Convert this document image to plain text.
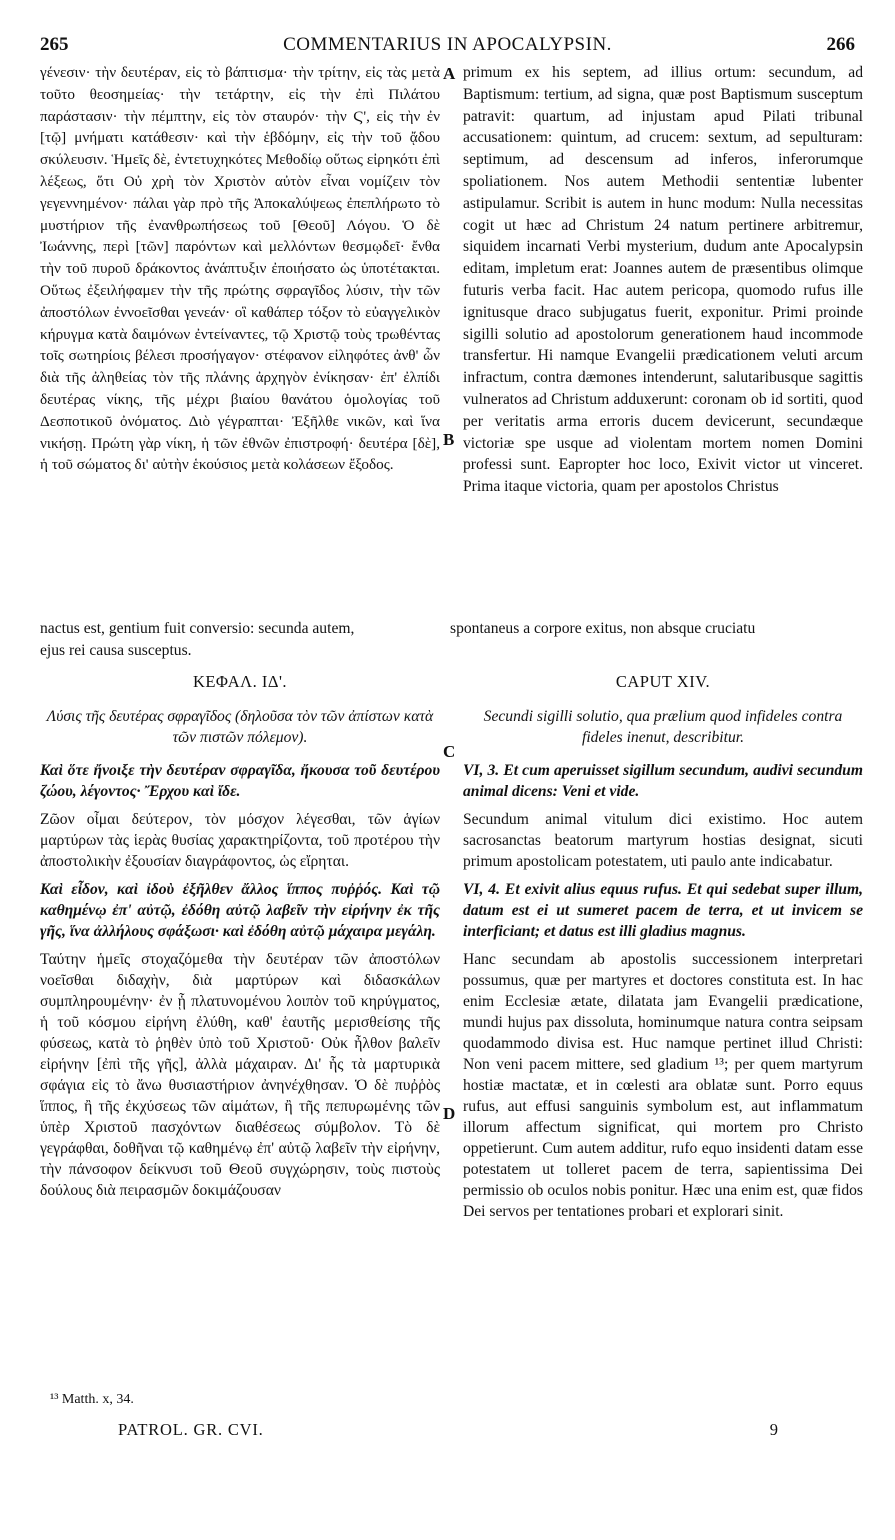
265	COMMENTARIUS IN APOCALYPSIN.	266

γένεσιν· τὴν δευτέραν, εἰς τὸ βάπτισμα· τὴν τρίτην, εἰς τὰς μετὰ τοῦτο θεοσημείας· τὴν τετάρτην, εἰς τὴν ἐπὶ Πιλάτου παράστασιν· τὴν πέμπτην, εἰς τὸν σταυρόν· τὴν Ϛ', εἰς τὴν ἐν [τῷ] μνήματι κατάθεσιν· καὶ τὴν ἑβδόμην, εἰς τὴν τοῦ ᾄδου σκύλευσιν. Ἡμεῖς δὲ, ἐντετυχηκότες Μεθοδίῳ οὕτως εἰρηκότι ἐπὶ λέξεως, ὅτι Οὐ χρὴ τὸν Χριστὸν αὐτὸν εἶναι νομίζειν τὸν γεγεννημένον· πάλαι γὰρ πρὸ τῆς Ἀποκαλύψεως ἐπεπλήρωτο τὸ μυστήριον τῆς ἐνανθρωπήσεως τοῦ [Θεοῦ] Λόγου. Ὁ δὲ Ἰωάννης, περὶ [τῶν] παρόντων καὶ μελλόντων θεσμῳδεῖ· ἔνθα τὴν τοῦ πυροῦ δράκοντος ἀνάπτυξιν ἐποιήσατο ὡς ὑποτέτακται. Οὕτως ἐξειλήφαμεν τὴν τῆς πρώτης σφραγῖδος λύσιν, τὴν τῶν ἀποστόλων ἐννοεῖσθαι γενεάν· οἳ καθάπερ τόξον τὸ εὐαγγελικὸν κήρυγμα κατὰ δαιμόνων ἐντείναντες, τῷ Χριστῷ τοὺς τρωθέντας τοῖς σωτηρίοις βέλεσι προσήγαγον· στέφανον εἰληφότες ἀνθ' ὧν διὰ τῆς ἀληθείας τὸν τῆς πλάνης ἀρχηγὸν ἐνίκησαν· ἐπ' ἐλπίδι δευτέρας νίκης, τῆς μέχρι βιαίου θανάτου ὁμολογίας τοῦ Δεσποτικοῦ ὀνόματος. Διὸ γέγραπται· Ἐξῆλθε νικῶν, καὶ ἵνα νικήσῃ. Πρώτη γὰρ νίκη, ἡ τῶν ἐθνῶν ἐπιστροφή· δευτέρα [δὲ], ἡ τοῦ σώματος δι' αὐτὴν ἑκούσιος μετὰ κολάσεων ἔξοδος.

primum ex his septem, ad illius ortum: secundum, ad Baptismum: tertium, ad signa, quæ post Baptismum susceptum patravit: quartum, ad injustam apud Pilati tribunal accusationem: quintum, ad crucem: sextum, ad sepulturam: septimum, ad descensum ad inferos, inferorumque spoliationem. Nos autem Methodii sententiæ lubenter astipulamur. Scribit is autem in hunc modum: Nulla necessitas cogit ut hæc ad Christum 24 natum pertinere arbitremur, siquidem incarnati Verbi mysterium, dudum ante Apocalypsin editam, impletum erat: Joannes autem de præsentibus olimque futuris verba facit. Hac autem pericopa, quomodo rufus ille ignitusque draco subjugatus fuerit, exponitur. Primi proinde sigilli solutio ad apostolorum generationem haud incommode transfertur. Hi namque Evangelii prædicationem veluti arcum infractum, contra dæmones intenderunt, salutaribusque sagittis vulneratos ad Christum adduxerunt: coronam ob id sortiti, quod per veritatis arma erroris ducem devicerunt, secundæque victoriæ spe usque ad violentam mortem nomen Domini professi sunt. Eapropter hoc loco, Exivit victor ut vinceret. Prima itaque victoria, quam per apostolos Christus

A
B
C
D
nactus est, gentium fuit conversio: secunda autem,	spontaneus a corpore exitus, non absque cruciatu
ejus rei causa susceptus.
ΚΕΦΑΛ. ΙΔ'.	CAPUT XIV.

Λύσις τῆς δευτέρας σφραγῖδος (δηλοῦσα τὸν τῶν ἀπίστων κατὰ τῶν πιστῶν πόλεμον).

Καὶ ὅτε ἤνοιξε τὴν δευτέραν σφραγῖδα, ἤκουσα τοῦ δευτέρου ζώου, λέγοντος· Ἔρχου καὶ ἴδε.

Ζῶον οἶμαι δεύτερον, τὸν μόσχον λέγεσθαι, τῶν ἁγίων μαρτύρων τὰς ἱερὰς θυσίας χαρακτηρίζοντα, τοῦ προτέρου τὴν ἀποστολικὴν ἐξουσίαν διαγράφοντος, ὡς εἴρηται.

Καὶ εἶδον, καὶ ἰδοὺ ἐξῆλθεν ἄλλος ἵππος πυῤῥός. Καὶ τῷ καθημένῳ ἐπ' αὐτῷ, ἐδόθη αὐτῷ λαβεῖν τὴν εἰρήνην ἐκ τῆς γῆς, ἵνα ἀλλήλους σφάξωσι· καὶ ἐδόθη αὐτῷ μάχαιρα μεγάλη.

Ταύτην ἡμεῖς στοχαζόμεθα τὴν δευτέραν τῶν ἀποστόλων νοεῖσθαι διδαχὴν, διὰ μαρτύρων καὶ διδασκάλων συμπληρουμένην· ἐν ᾗ πλατυνομένου λοιπὸν τοῦ κηρύγματος, ἡ τοῦ κόσμου εἰρήνη ἐλύθη, καθ' ἑαυτῆς μερισθείσης τῆς φύσεως, κατὰ τὸ ῥηθὲν ὑπὸ τοῦ Χριστοῦ· Οὐκ ἦλθον βαλεῖν εἰρήνην [ἐπὶ τῆς γῆς], ἀλλὰ μάχαιραν. Δι' ἧς τὰ μαρτυρικὰ σφάγια εἰς τὸ ἄνω θυσιαστήριον ἀνηνέχθησαν. Ὁ δὲ πυῤῥὸς ἵππος, ἢ τῆς ἐκχύσεως τῶν αἱμάτων, ἢ τῆς πεπυρωμένης τῶν ὑπὲρ Χριστοῦ πασχόντων διαθέσεως σύμβολον. Τὸ δὲ γεγράφθαι, δοθῆναι τῷ καθημένῳ ἐπ' αὐτῷ λαβεῖν τὴν εἰρήνην, τὴν πάνσοφον δείκνυσι τοῦ Θεοῦ συγχώρησιν, τοὺς πιστοὺς δούλους διὰ πειρασμῶν δοκιμάζουσαν

Secundi sigilli solutio, qua prælium quod infideles contra fideles inenut, describitur.

VI, 3. Et cum aperuisset sigillum secundum, audivi secundum animal dicens: Veni et vide.

Secundum animal vitulum dici existimo. Hoc autem sacrosanctas beatorum martyrum hostias designat, sicuti primum apostolicam potestatem, uti paulo ante indicabatur.

VI, 4. Et exivit alius equus rufus. Et qui sedebat super illum, datum est ei ut sumeret pacem de terra, et ut invicem se interficiant; et datus est illi gladius magnus.

Hanc secundam ab apostolis successionem interpretari possumus, quæ per martyres et doctores constituta est. In hac enim Ecclesiæ ætate, dilatata jam Evangelii prædicatione, mundi hujus pax dissoluta, hominumque natura contra seipsam quodammodo divisa est. Huc namque pertinet illud Christi: Non veni pacem mittere, sed gladium ¹³; per quem martyrum hostiæ mactatæ, et in cœlesti ara oblatæ sunt. Porro equus rufus, aut effusi sanguinis symbolum est, aut inflammatum illorum affectum significat, qui mortem pro Christo oppetierunt. Cum autem additur, rufo equo insidenti datam esse potestatem ut tolleret pacem de terra, sapientissima Dei permissio ob oculos nobis ponitur. Hæc una enim est, quæ fidos Dei servos per tentationes probari et explorari sinit.

¹³ Matth. x, 34.
PATROL. GR. CVI.	9
